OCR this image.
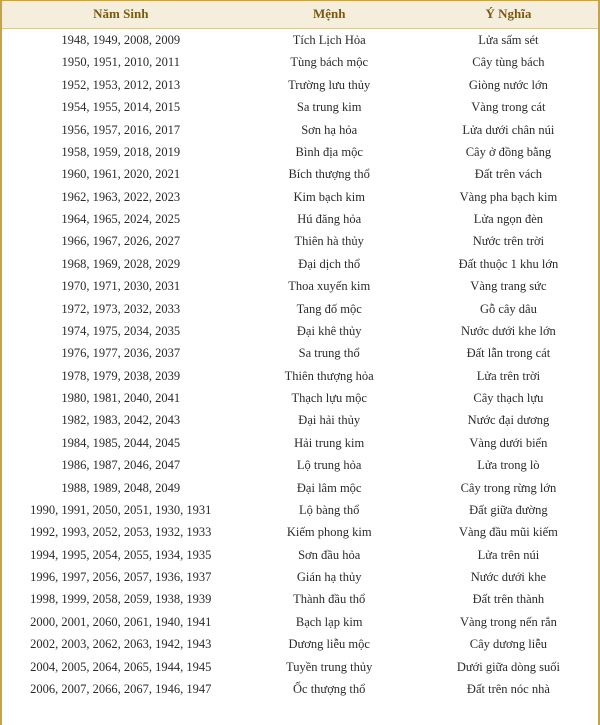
Năm Sinh	Mệnh	Ý Nghĩa
1948, 1949, 2008, 2009	Tích Lịch Hỏa	Lửa sấm sét
1950, 1951, 2010, 2011	Tùng bách mộc	Cây tùng bách
1952, 1953, 2012, 2013	Trường lưu thủy	Giòng nước lớn
1954, 1955, 2014, 2015	Sa trung kim	Vàng trong cát
1956, 1957, 2016, 2017	Sơn hạ hỏa	Lửa dưới chân núi
1958, 1959, 2018, 2019	Bình địa mộc	Cây ở đồng bằng
1960, 1961, 2020, 2021	Bích thượng thổ	Đất trên vách
1962, 1963, 2022, 2023	Kim bạch kim	Vàng pha bạch kim
1964, 1965, 2024, 2025	Hú đăng hỏa	Lửa ngọn đèn
1966, 1967, 2026, 2027	Thiên hà thủy	Nước trên trời
1968, 1969, 2028, 2029	Đại dịch thổ	Đất thuộc 1 khu lớn
1970, 1971, 2030, 2031	Thoa xuyến kim	Vàng trang sức
1972, 1973, 2032, 2033	Tang đố mộc	Gỗ cây dâu
1974, 1975, 2034, 2035	Đại khê thủy	Nước dưới khe lớn
1976, 1977, 2036, 2037	Sa trung thổ	Đất lẫn trong cát
1978, 1979, 2038, 2039	Thiên thượng hỏa	Lửa trên trời
1980, 1981, 2040, 2041	Thạch lựu mộc	Cây thạch lựu
1982, 1983, 2042, 2043	Đại hải thủy	Nước đại dương
1984, 1985, 2044, 2045	Hải trung kim	Vàng dưới biển
1986, 1987, 2046, 2047	Lộ trung hỏa	Lửa trong lò
1988, 1989, 2048, 2049	Đại lâm mộc	Cây trong rừng lớn
1990, 1991, 2050, 2051, 1930, 1931	Lộ bàng thổ	Đất giữa đường
1992, 1993, 2052, 2053, 1932, 1933	Kiếm phong kim	Vàng đầu mũi kiếm
1994, 1995, 2054, 2055, 1934, 1935	Sơn đầu hỏa	Lửa trên núi
1996, 1997, 2056, 2057, 1936, 1937	Gián hạ thủy	Nước dưới khe
1998, 1999, 2058, 2059, 1938, 1939	Thành đầu thổ	Đất trên thành
2000, 2001, 2060, 2061, 1940, 1941	Bạch lạp kim	Vàng trong nến rắn
2002, 2003, 2062, 2063, 1942, 1943	Dương liễu mộc	Cây dương liễu
2004, 2005, 2064, 2065, 1944, 1945	Tuyền trung thủy	Dưới giữa dòng suối
2006, 2007, 2066, 2067, 1946, 1947	Ốc thượng thổ	Đất trên nóc nhà
